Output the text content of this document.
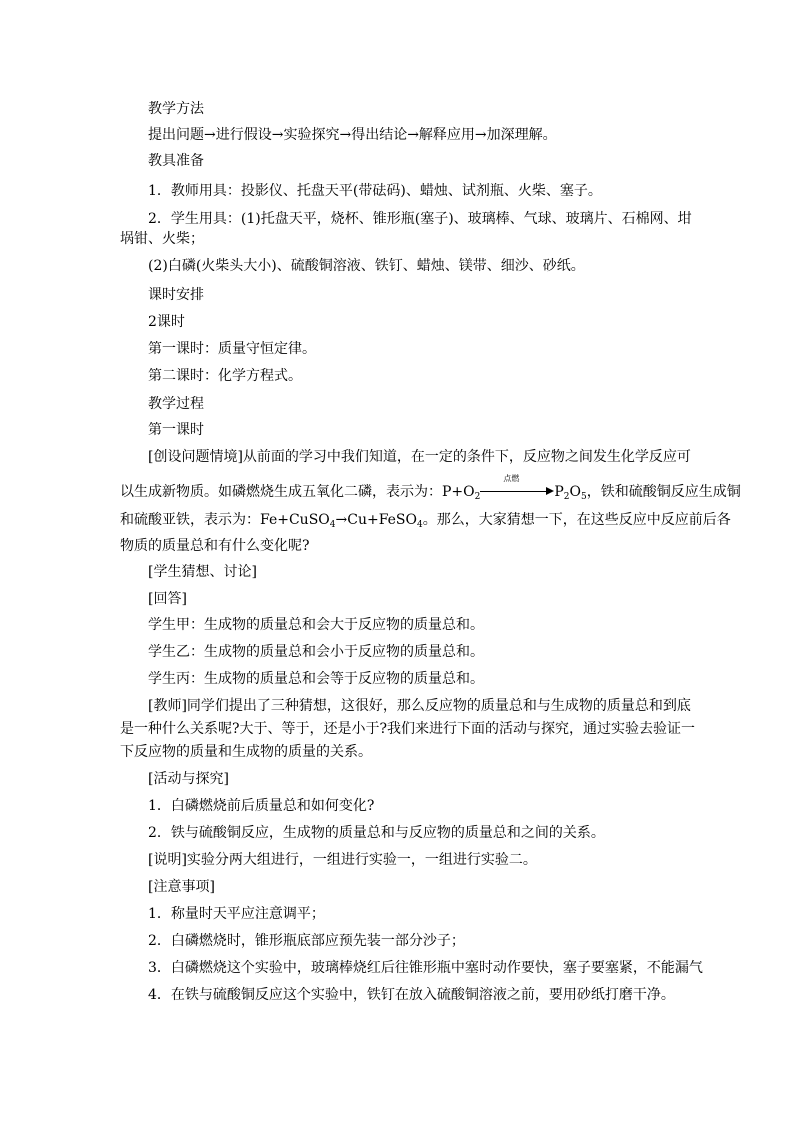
教学方法
提出问题→进行假设→实验探究→得出结论→解释应用→加深理解。
教具准备
1．教师用具：投影仪、托盘天平(带砝码)、蜡烛、试剂瓶、火柴、塞子。
2．学生用具：(1)托盘天平，烧杯、锥形瓶(塞子)、玻璃棒、气球、玻璃片、石棉网、坩
埚钳、火柴；
(2)白磷(火柴头大小)、硫酸铜溶液、铁钉、蜡烛、镁带、细沙、砂纸。
课时安排
2课时
第一课时：质量守恒定律。
第二课时：化学方程式。
教学过程
第一课时
[创设问题情境]从前面的学习中我们知道，在一定的条件下，反应物之间发生化学反应可
以生成新物质。如磷燃烧生成五氧化二磷，表示为：$P+O_2$
点燃
$P_2O_5$，铁和硫酸铜反应生成铜
和硫酸亚铁，表示为：Fe+CuSO$_4$→Cu+FeSO$_4$。那么，大家猜想一下，在这些反应中反应前后各
物质的质量总和有什么变化呢?
[学生猜想、讨论]
[回答]
学生甲：生成物的质量总和会大于反应物的质量总和。
学生乙：生成物的质量总和会小于反应物的质量总和。
学生丙：生成物的质量总和会等于反应物的质量总和。
[教师]同学们提出了三种猜想，这很好，那么反应物的质量总和与生成物的质量总和到底
是一种什么关系呢?大于、等于，还是小于?我们来进行下面的活动与探究，通过实验去验证一
下反应物的质量和生成物的质量的关系。
[活动与探究]
1．白磷燃烧前后质量总和如何变化?
2．铁与硫酸铜反应，生成物的质量总和与反应物的质量总和之间的关系。
[说明]实验分两大组进行，一组进行实验一，一组进行实验二。
[注意事项]
1．称量时天平应注意调平；
2．白磷燃烧时，锥形瓶底部应预先装一部分沙子；
3．白磷燃烧这个实验中，玻璃棒烧红后往锥形瓶中塞时动作要快，塞子要塞紧，不能漏气
4．在铁与硫酸铜反应这个实验中，铁钉在放入硫酸铜溶液之前，要用砂纸打磨干净。
